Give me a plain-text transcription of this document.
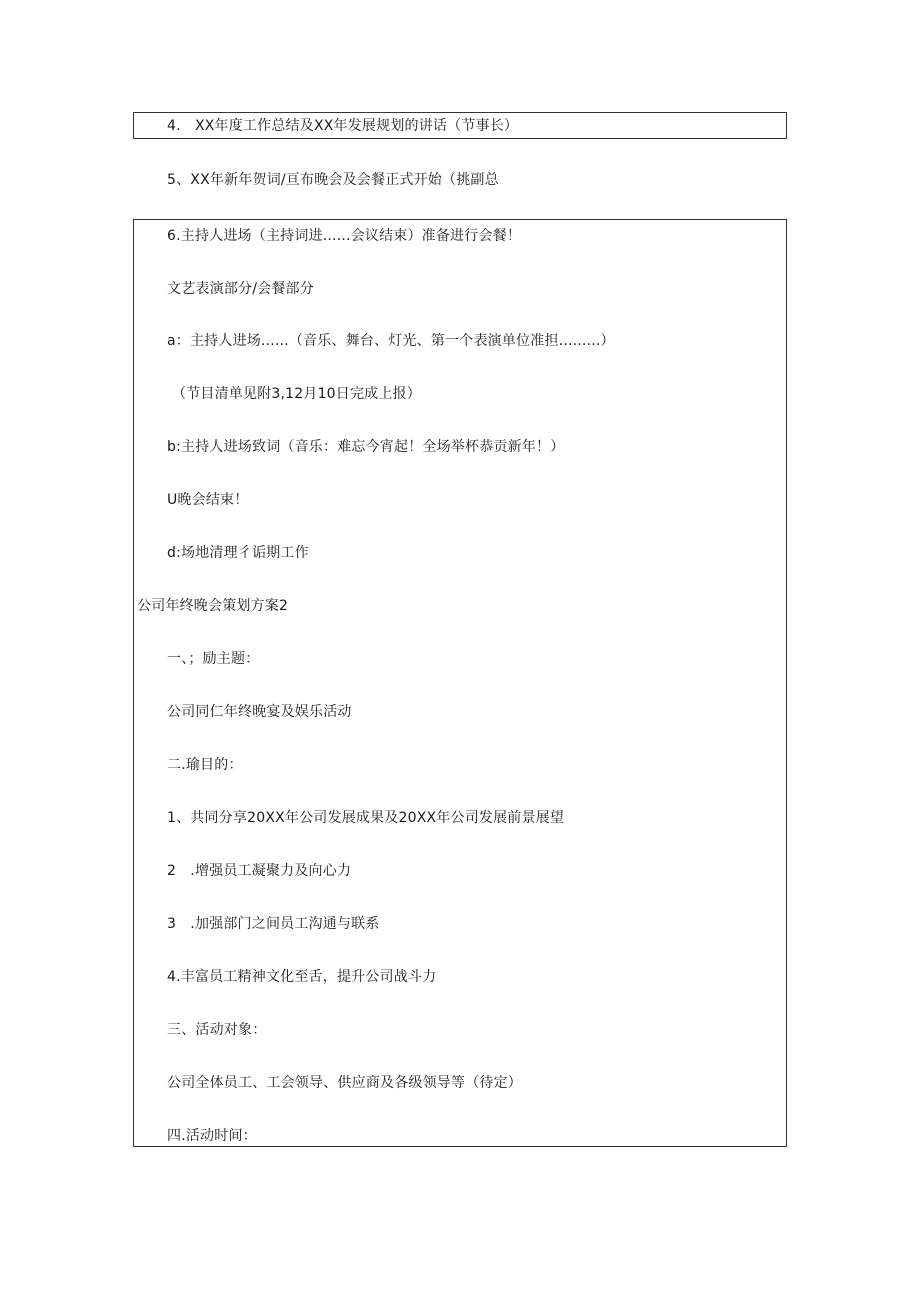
4.　XX年度工作总结及XX年发展规划的讲话（节事长）
5、XX年新年贺词/亘布晚会及会餐正式开始（挑副总
6.主持人进场（主持词进......会议结束）准备进行会餐！
文艺表演部分/会餐部分
a：主持人进场......（音乐、舞台、灯光、第一个表演单位准担.........）
（节目清单见附3,12月10日完成上报）
b:主持人进场致词（音乐：难忘今宵起！全场举杯恭贡新年！）
U晚会结束！
d:场地清理彳诟期工作
公司年终晚会策划方案2
一、；励主题：
公司同仁年终晚宴及娱乐活动
二.瑜目的：
1、共同分享20XX年公司发展成果及20XX年公司发展前景展望
2　.增强员工凝聚力及向心力
3　.加强部门之间员工沟通与联系
4.丰富员工精神文化至舌，提升公司战斗力
三、活动对象：
公司全体员工、工会领导、供应商及各级领导等（待定）
四.活动时间：
